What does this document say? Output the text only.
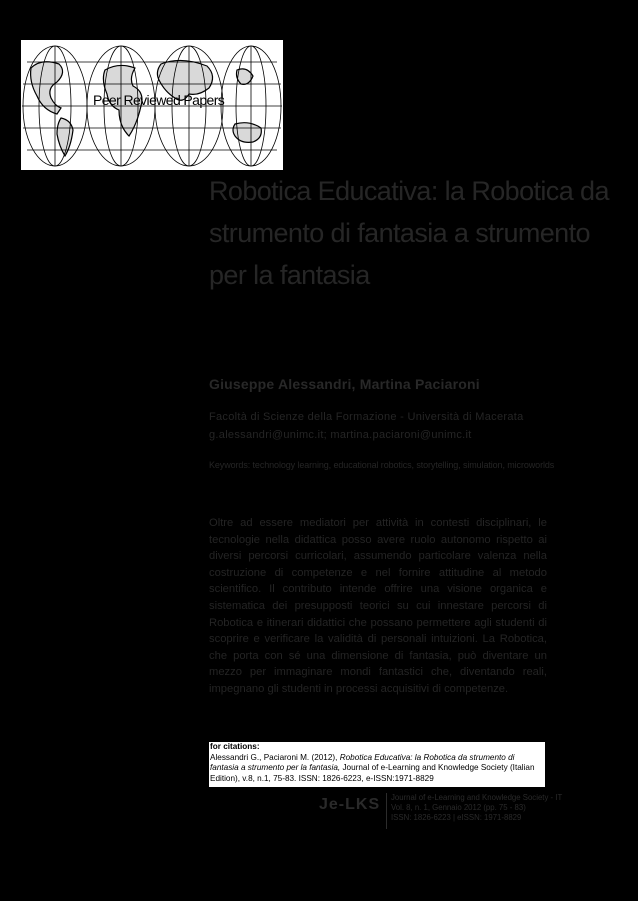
Peer Reviewed Papers
Robotica Educativa: la Robotica da strumento di fantasia a strumento per la fantasia
Giuseppe Alessandri, Martina Paciaroni
Facoltà di Scienze della Formazione - Università di Macerata
g.alessandri@unimc.it; martina.paciaroni@unimc.it
Keywords: technology learning, educational robotics, storytelling, simulation, microworlds
Oltre ad essere mediatori per attività in contesti disciplinari, le tecnologie nella didattica posso avere ruolo autonomo rispetto ai diversi percorsi curricolari, assumendo particolare valenza nella costruzione di competenze e nel fornire attitudine al metodo scientifico. Il contributo intende offrire una visione organica e sistematica dei presupposti teorici su cui innestare percorsi di Robotica e itinerari didattici che possano permettere agli studenti di scoprire e verificare la validità di personali intuizioni. La Robotica, che porta con sé una dimensione di fantasia, può diventare un mezzo per immaginare mondi fantastici che, diventando reali, impegnano gli studenti in processi acquisitivi di competenze.
for citations:
Alessandri G., Paciaroni M. (2012), Robotica Educativa: la Robotica da strumento di fantasia a strumento per la fantasia, Journal of e-Learning and Knowledge Society (Italian Edition), v.8, n.1, 75-83. ISSN: 1826-6223, e-ISSN:1971-8829
Je-LKS Journal of e-Learning and Knowledge Society - IT
Vol. 8, n. 1, Gennaio 2012 (pp. 75 - 83)
ISSN: 1826-6223 | eISSN: 1971-8829
